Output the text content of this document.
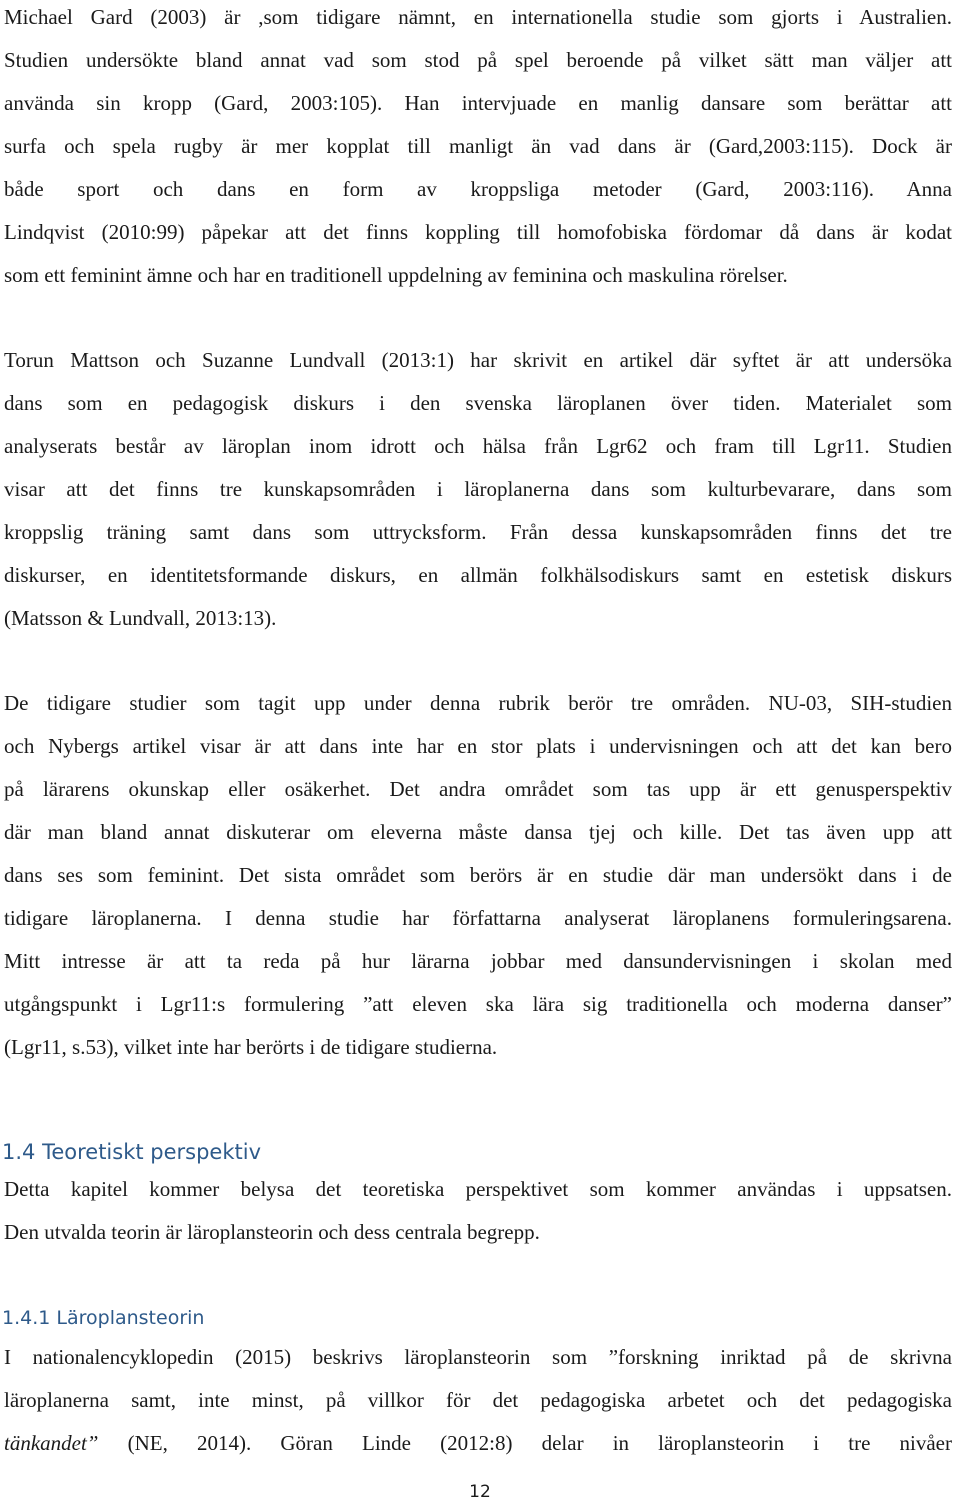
Michael Gard (2003) är ,som tidigare nämnt, en internationella studie som gjorts i Australien.
Studien undersökte bland annat vad som stod på spel beroende på vilket sätt man väljer att
använda sin kropp (Gard, 2003:105). Han intervjuade en manlig dansare som berättar att
surfa och spela rugby är mer kopplat till manligt än vad dans är (Gard,2003:115). Dock är
både sport och dans en form av kroppsliga metoder (Gard, 2003:116). Anna
Lindqvist (2010:99) påpekar att det finns koppling till homofobiska fördomar då dans är kodat
som ett feminint ämne och har en traditionell uppdelning av feminina och maskulina rörelser.
Torun Mattson och Suzanne Lundvall (2013:1) har skrivit en artikel där syftet är att undersöka
dans som en pedagogisk diskurs i den svenska läroplanen över tiden. Materialet som
analyserats består av läroplan inom idrott och hälsa från Lgr62 och fram till Lgr11. Studien
visar att det finns tre kunskapsområden i läroplanerna dans som kulturbevarare, dans som
kroppslig träning samt dans som uttrycksform. Från dessa kunskapsområden finns det tre
diskurser, en identitetsformande diskurs, en allmän folkhälsodiskurs samt en estetisk diskurs
(Matsson & Lundvall, 2013:13).
De tidigare studier som tagit upp under denna rubrik berör tre områden. NU-03, SIH-studien
och Nybergs artikel visar är att dans inte har en stor plats i undervisningen och att det kan bero
på lärarens okunskap eller osäkerhet. Det andra området som tas upp är ett genusperspektiv
där man bland annat diskuterar om eleverna måste dansa tjej och kille. Det tas även upp att
dans ses som feminint. Det sista området som berörs är en studie där man undersökt dans i de
tidigare läroplanerna. I denna studie har författarna analyserat läroplanens formuleringsarena.
Mitt intresse är att ta reda på hur lärarna jobbar med dansundervisningen i skolan med
utgångspunkt i Lgr11:s formulering ”att eleven ska lära sig traditionella och moderna danser”
(Lgr11, s.53), vilket inte har berörts i de tidigare studierna.
1.4 Teoretiskt perspektiv
Detta kapitel kommer belysa det teoretiska perspektivet som kommer användas i uppsatsen.
Den utvalda teorin är läroplansteorin och dess centrala begrepp.
1.4.1 Läroplansteorin
I nationalencyklopedin (2015) beskrivs läroplansteorin som ”forskning inriktad på de skrivna
läroplanerna samt, inte minst, på villkor för det pedagogiska arbetet och det pedagogiska
tänkandet” (NE, 2014). Göran Linde (2012:8) delar in läroplansteorin i tre nivåer
12
